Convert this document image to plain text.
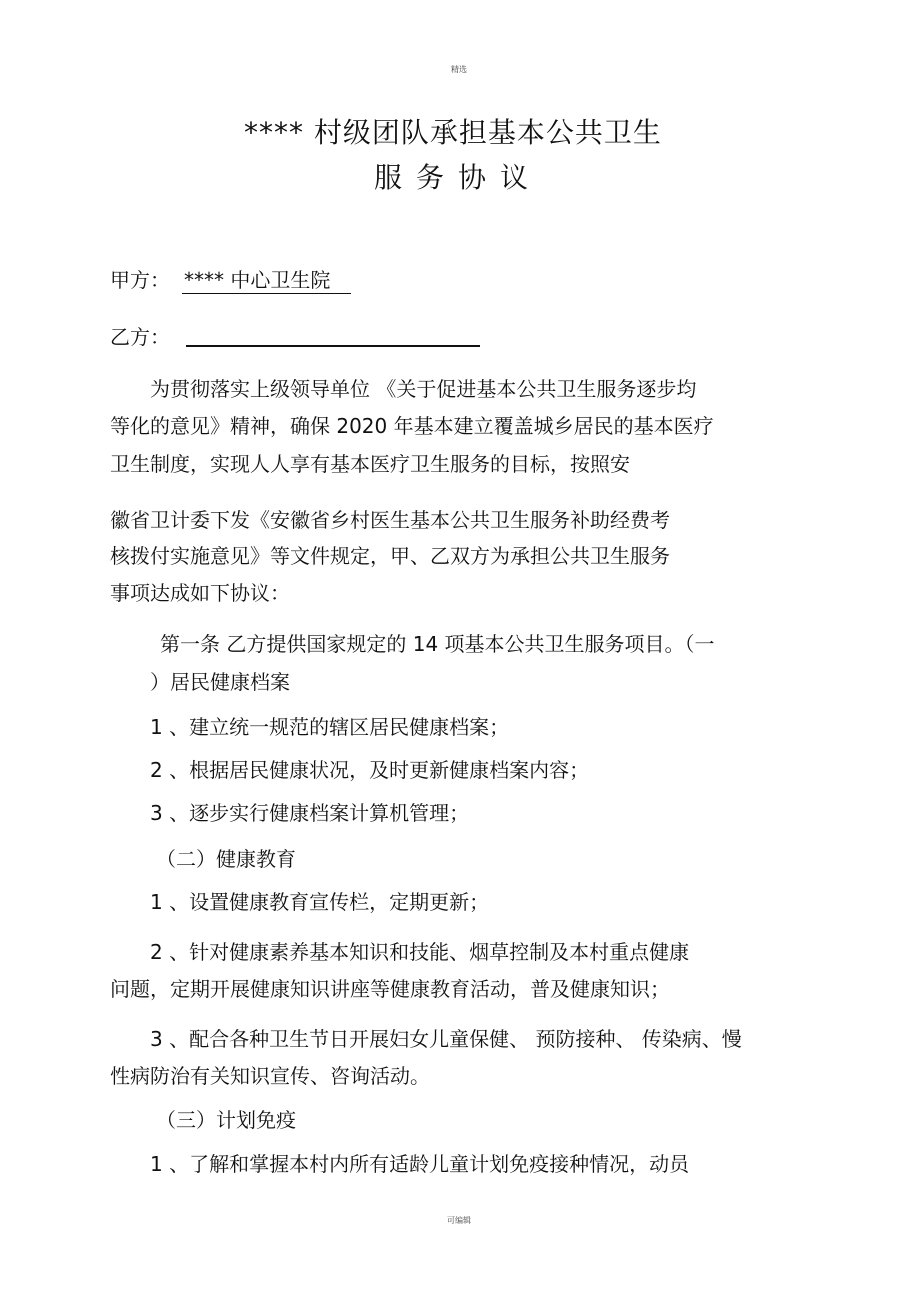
精选
**** 村级团队承担基本公共卫生
服务协议
甲方： **** 中心卫生院
乙方：
为贯彻落实上级领导单位 《关于促进基本公共卫生服务逐步均
等化的意见》精神，确保 2020 年基本建立覆盖城乡居民的基本医疗
卫生制度，实现人人享有基本医疗卫生服务的目标，按照安
徽省卫计委下发《安徽省乡村医生基本公共卫生服务补助经费考
核拨付实施意见》等文件规定，甲、乙双方为承担公共卫生服务
事项达成如下协议：
第一条 乙方提供国家规定的 14 项基本公共卫生服务项目。（一
）居民健康档案
1 、建立统一规范的辖区居民健康档案；
2 、根据居民健康状况，及时更新健康档案内容；
3 、逐步实行健康档案计算机管理；
（二）健康教育
1 、设置健康教育宣传栏，定期更新；
2 、针对健康素养基本知识和技能、烟草控制及本村重点健康
问题，定期开展健康知识讲座等健康教育活动，普及健康知识；
3 、配合各种卫生节日开展妇女儿童保健、 预防接种、 传染病、慢
性病防治有关知识宣传、咨询活动。
（三）计划免疫
1 、了解和掌握本村内所有适龄儿童计划免疫接种情况，动员
可编辑
